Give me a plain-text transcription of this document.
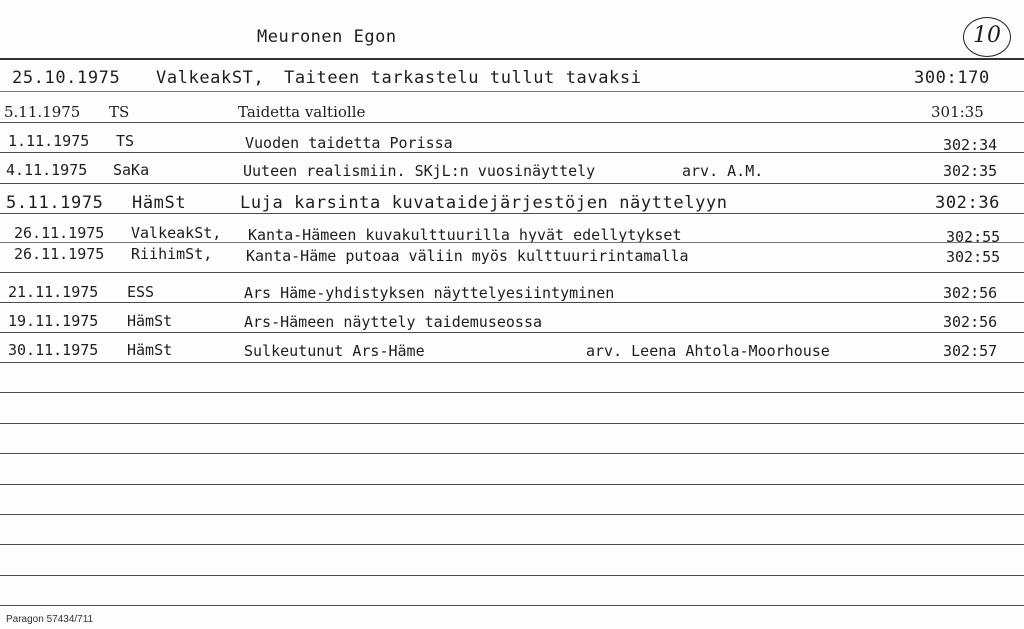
Meuronen Egon	10
25.10.1975 ValkeakST, Taiteen tarkastelu tullut tavaksi	300:170
5.11.1975 TS	Taidetta valtiolle	301:35
1.11.1975 TS	Vuoden taidetta Porissa	302:34
4.11.1975 SaKa	Uuteen realismiin. SKjL:n vuosinäyttely	arv. A.M.	302:35
5.11.1975 HämSt	Luja karsinta kuvataidejärjestöjen näyttelyyn	302:36
26.11.1975 ValkeakSt, Kanta-Hämeen kuvakulttuurilla hyvät edellytykset	302:55
26.11.1975 RiihimSt, Kanta-Häme putoaa väliin myös kulttuuririntamalla	302:55
21.11.1975 ESS	Ars Häme-yhdistyksen näyttelyesiintyminen	302:56
19.11.1975 HämSt	Ars-Hämeen näyttely taidemuseossa	302:56
30.11.1975 HämSt	Sulkeutunut Ars-Häme	arv. Leena Ahtola-Moorhouse	302:57
Paragon 57434/711
